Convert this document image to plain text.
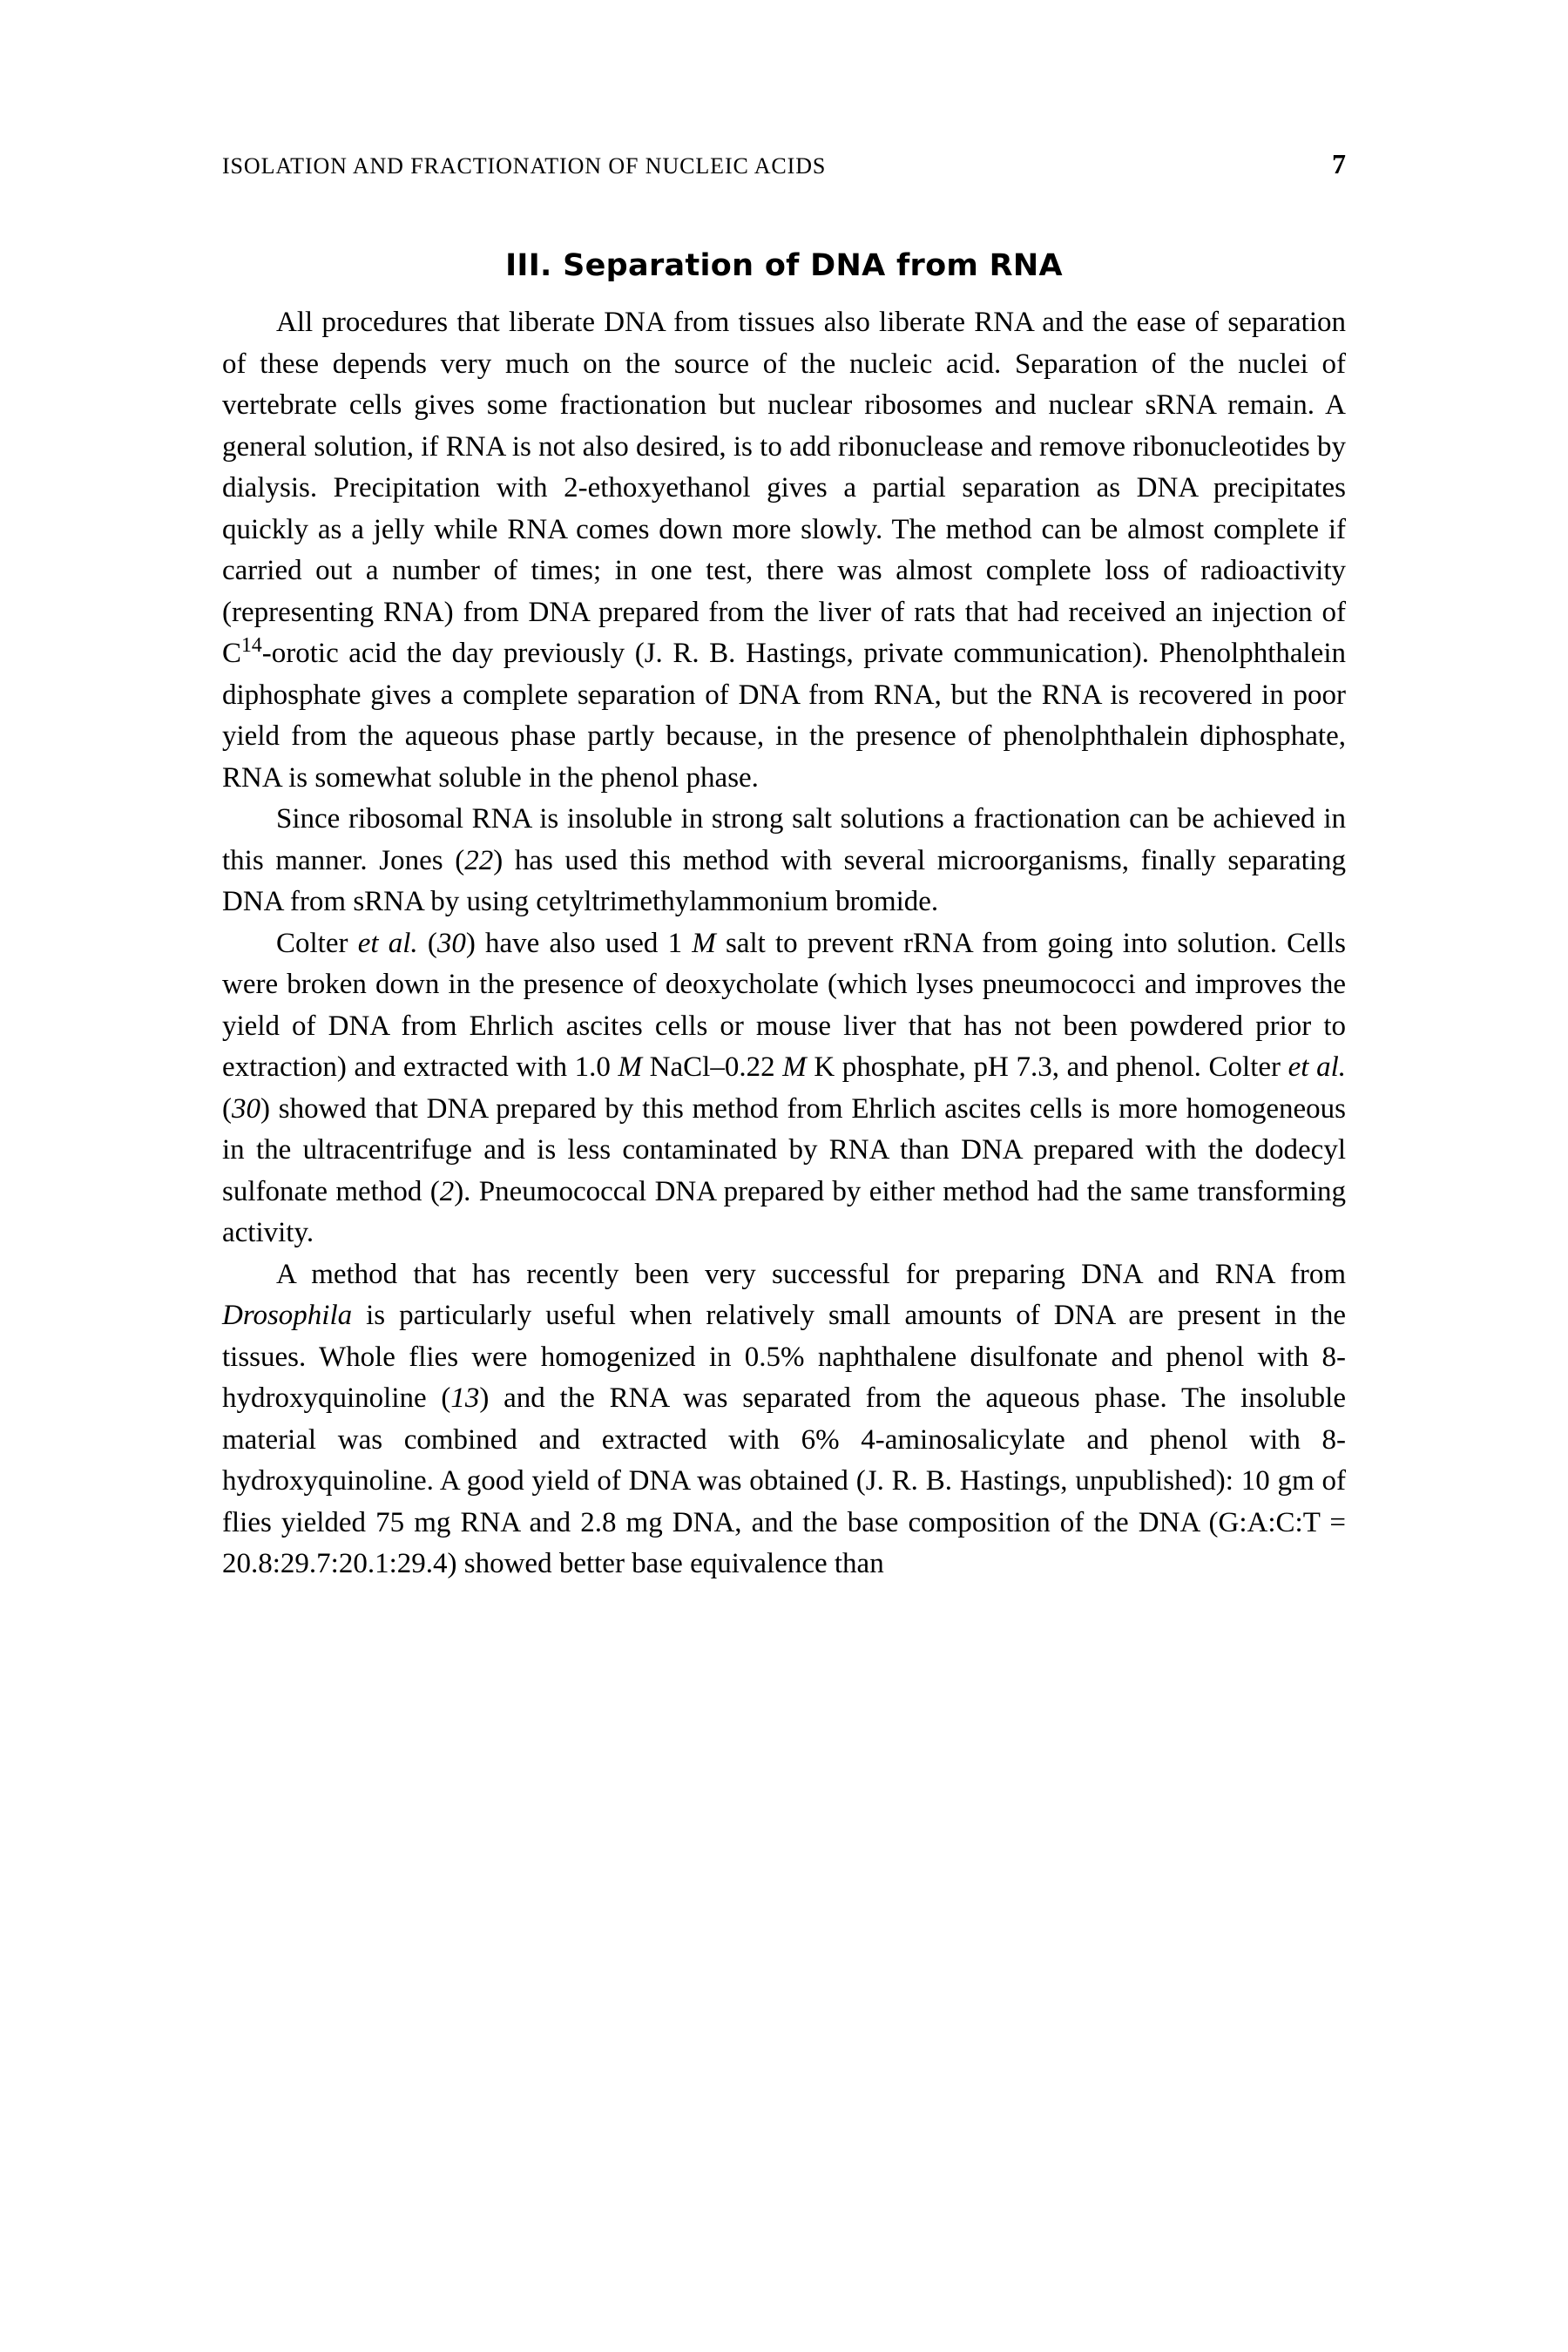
ISOLATION AND FRACTIONATION OF NUCLEIC ACIDS	7
III. Separation of DNA from RNA

All procedures that liberate DNA from tissues also liberate RNA and the ease of separation of these depends very much on the source of the nucleic acid. Separation of the nuclei of vertebrate cells gives some fractionation but nuclear ribosomes and nuclear sRNA remain. A general solution, if RNA is not also desired, is to add ribonuclease and remove ribonucleotides by dialysis. Precipitation with 2-ethoxyethanol gives a partial separation as DNA precipitates quickly as a jelly while RNA comes down more slowly. The method can be almost complete if carried out a number of times; in one test, there was almost complete loss of radioactivity (representing RNA) from DNA prepared from the liver of rats that had received an injection of $C^{14}$-orotic acid the day previously (J. R. B. Hastings, private communication). Phenolphthalein diphosphate gives a complete separation of DNA from RNA, but the RNA is recovered in poor yield from the aqueous phase partly because, in the presence of phenolphthalein diphosphate, RNA is somewhat soluble in the phenol phase.

Since ribosomal RNA is insoluble in strong salt solutions a fractionation can be achieved in this manner. Jones (22) has used this method with several microorganisms, finally separating DNA from sRNA by using cetyltrimethylammonium bromide.

Colter et al. (30) have also used 1 M salt to prevent rRNA from going into solution. Cells were broken down in the presence of deoxycholate (which lyses pneumococci and improves the yield of DNA from Ehrlich ascites cells or mouse liver that has not been powdered prior to extraction) and extracted with 1.0 M NaCl–0.22 M K phosphate, pH 7.3, and phenol. Colter et al. (30) showed that DNA prepared by this method from Ehrlich ascites cells is more homogeneous in the ultracentrifuge and is less contaminated by RNA than DNA prepared with the dodecyl sulfonate method (2). Pneumococcal DNA prepared by either method had the same transforming activity.

A method that has recently been very successful for preparing DNA and RNA from Drosophila is particularly useful when relatively small amounts of DNA are present in the tissues. Whole flies were homogenized in 0.5% naphthalene disulfonate and phenol with 8-hydroxyquinoline (13) and the RNA was separated from the aqueous phase. The insoluble material was combined and extracted with 6% 4-aminosalicylate and phenol with 8-hydroxyquinoline. A good yield of DNA was obtained (J. R. B. Hastings, unpublished): 10 gm of flies yielded 75 mg RNA and 2.8 mg DNA, and the base composition of the DNA (G:A:C:T = 20.8:29.7:20.1:29.4) showed better base equivalence than
